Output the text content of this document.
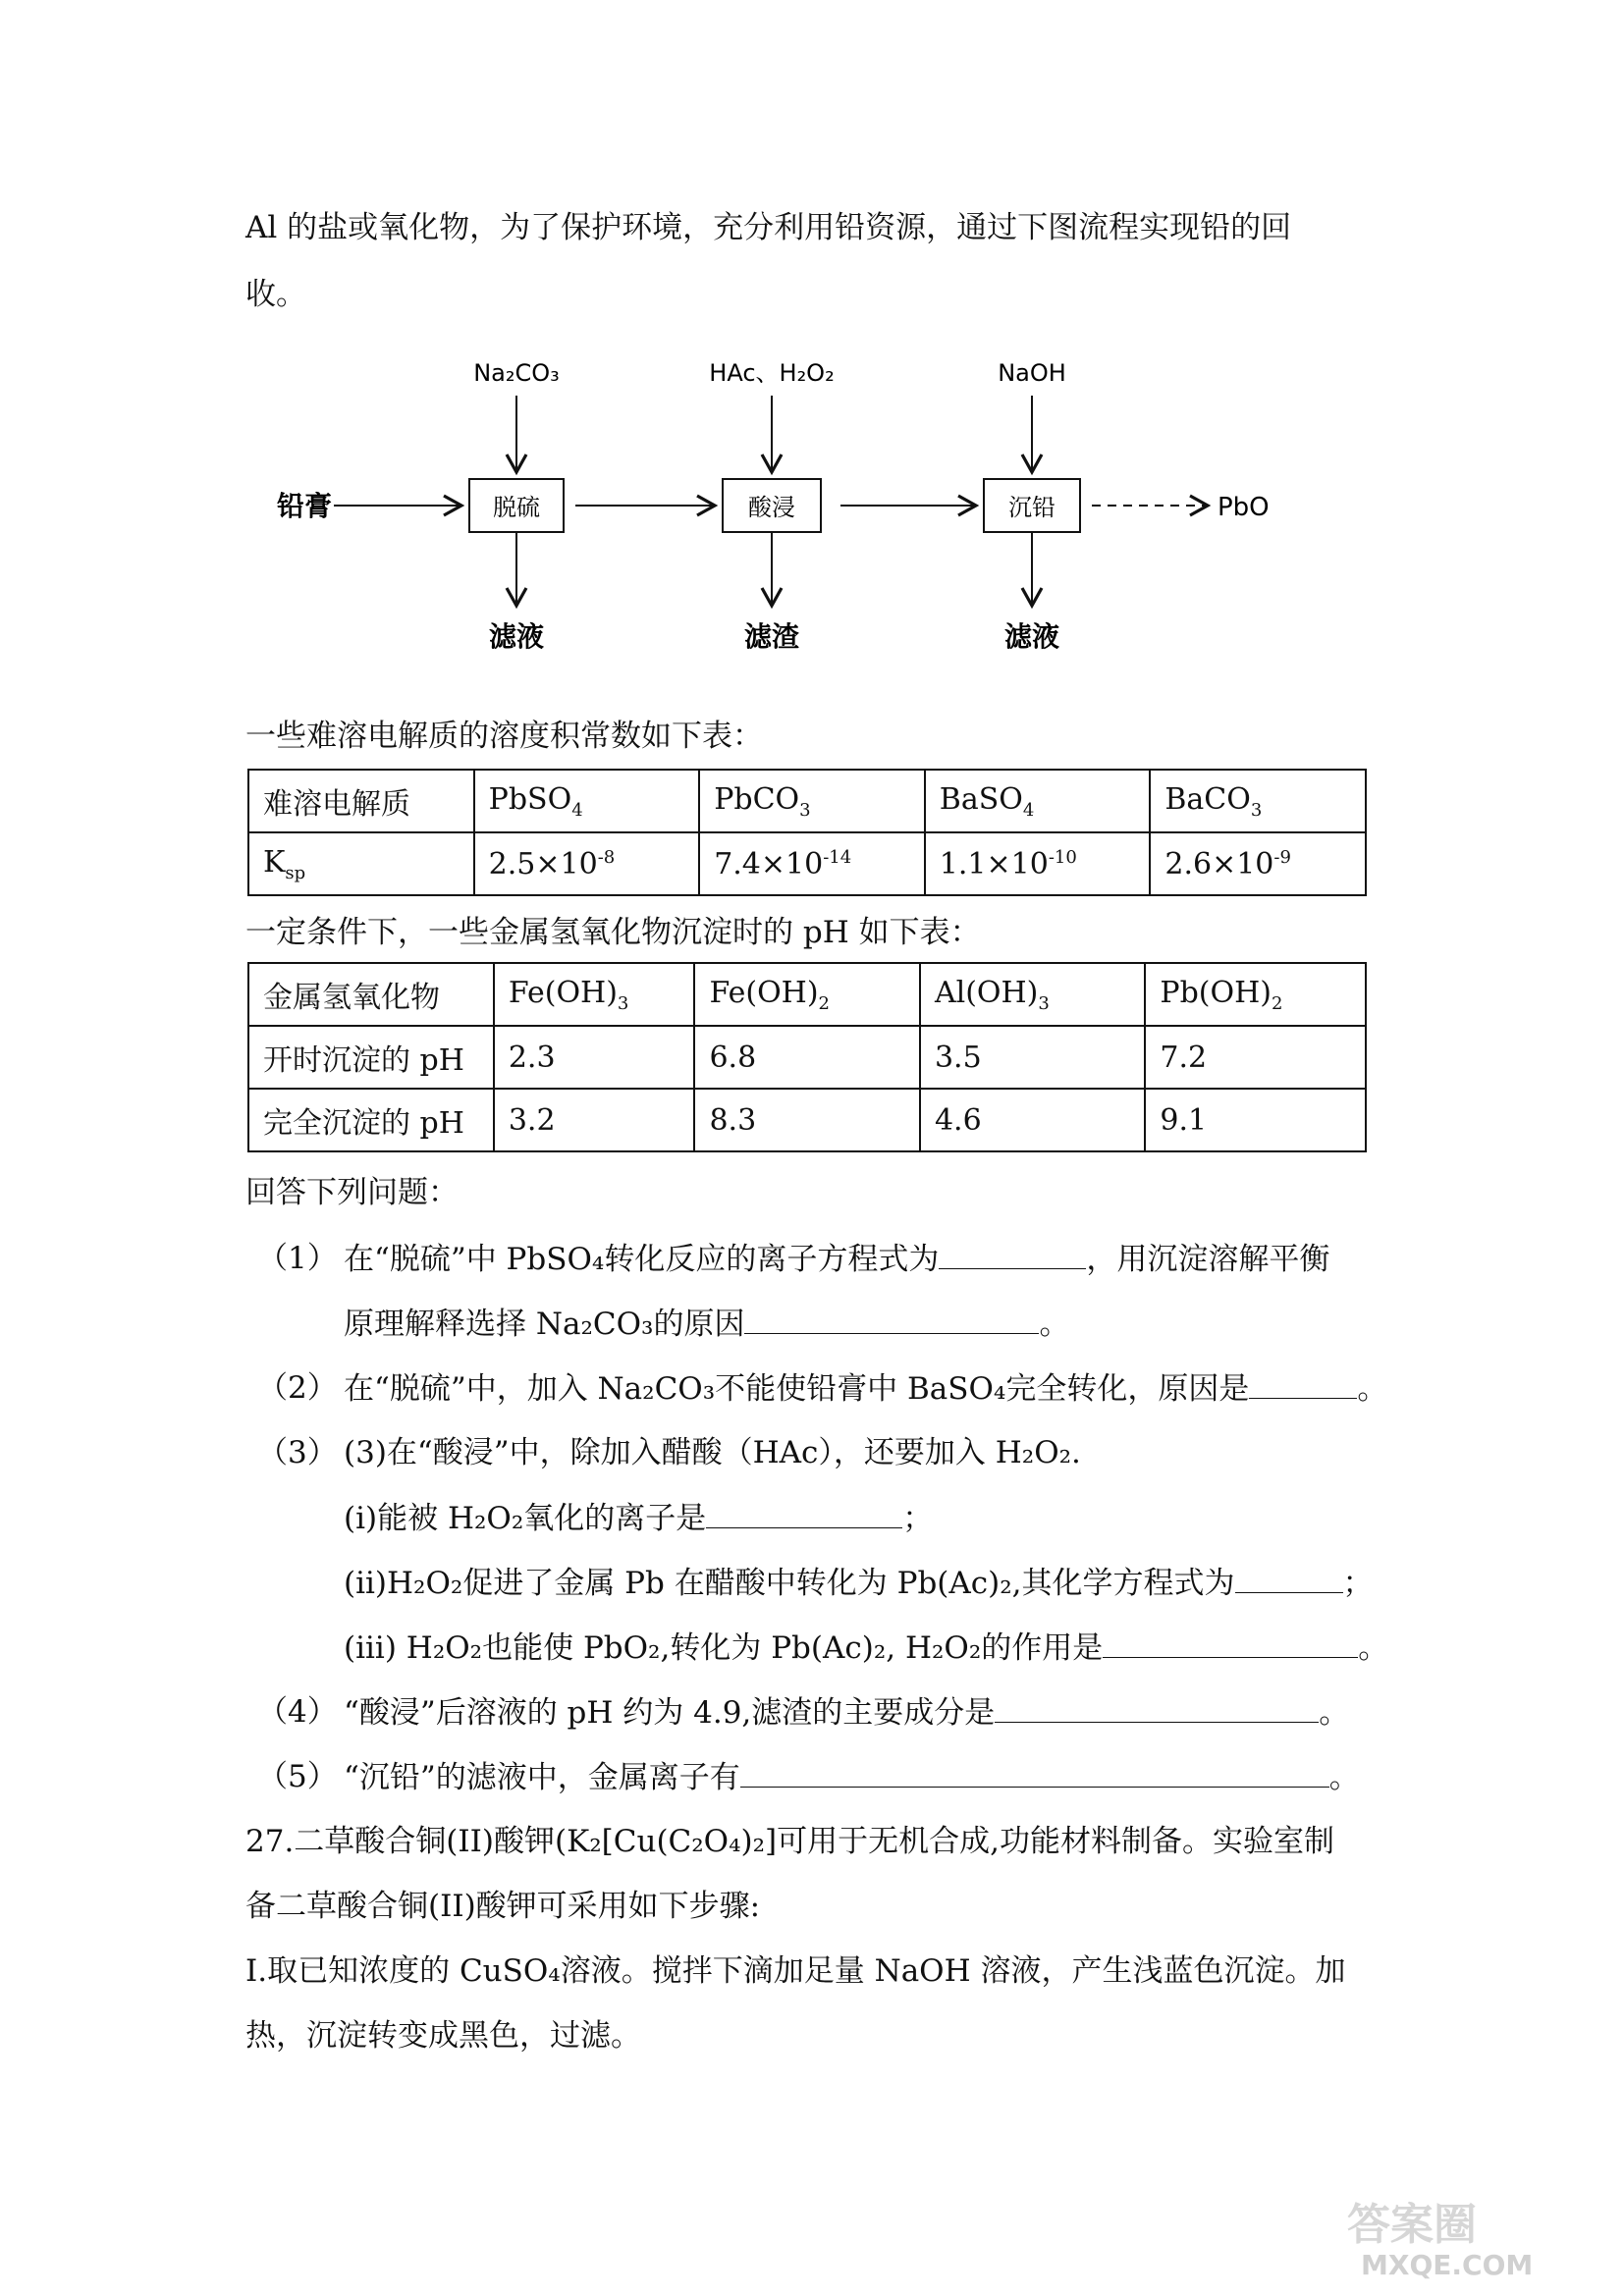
Al 的盐或氧化物，为了保护环境，充分利用铅资源，通过下图流程实现铅的回
收。
铅膏	脱硫
Na₂CO₃
滤液
酸浸
HAc、H₂O₂
滤渣
沉铅
NaOH
滤液
PbO
一些难溶电解质的溶度积常数如下表：
难溶电解质	PbSO$_4$	PbCO$_3$	BaSO$_4$	BaCO$_3$
$K_{sp}$	$2.5\times 10^{-8}$	$7.4\times 10^{-14}$	$1.1\times 10^{-10}$	$2.6\times 10^{-9}$
一定条件下，一些金属氢氧化物沉淀时的 pH 如下表：
金属氢氧化物	$Fe(OH)_3$	$Fe(OH)_2$	$Al(OH)_3$	$Pb(OH)_2$
开时沉淀的 pH	2.3	6.8	3.5	7.2
完全沉淀的 pH	3.2	8.3	4.6	9.1
回答下列问题：
（1） 在“脱硫”中 PbSO₄转化反应的离子方程式为	，用沉淀溶解平衡
原理解释选择 Na₂CO₃的原因	。
（2） 在“脱硫”中，加入 Na₂CO₃不能使铅膏中 BaSO₄完全转化，原因是	。
（3） (3)在“酸浸”中，除加入醋酸（HAc），还要加入 H₂O₂.
(i)能被 H₂O₂氧化的离子是	；
(ii)H₂O₂促进了金属 Pb 在醋酸中转化为 Pb(Ac)₂,其化学方程式为	；
(iii) H₂O₂也能使 PbO₂,转化为 Pb(Ac)₂, H₂O₂的作用是	。
（4） “酸浸”后溶液的 pH 约为 4.9,滤渣的主要成分是	。
（5） “沉铅”的滤液中，金属离子有	。
27.二草酸合铜(II)酸钾(K₂[Cu(C₂O₄)₂]可用于无机合成,功能材料制备。实验室制
备二草酸合铜(II)酸钾可采用如下步骤:
I.取已知浓度的 CuSO₄溶液。搅拌下滴加足量 NaOH 溶液，产生浅蓝色沉淀。加
热，沉淀转变成黑色，过滤。
答案圈
MXQE.COM
